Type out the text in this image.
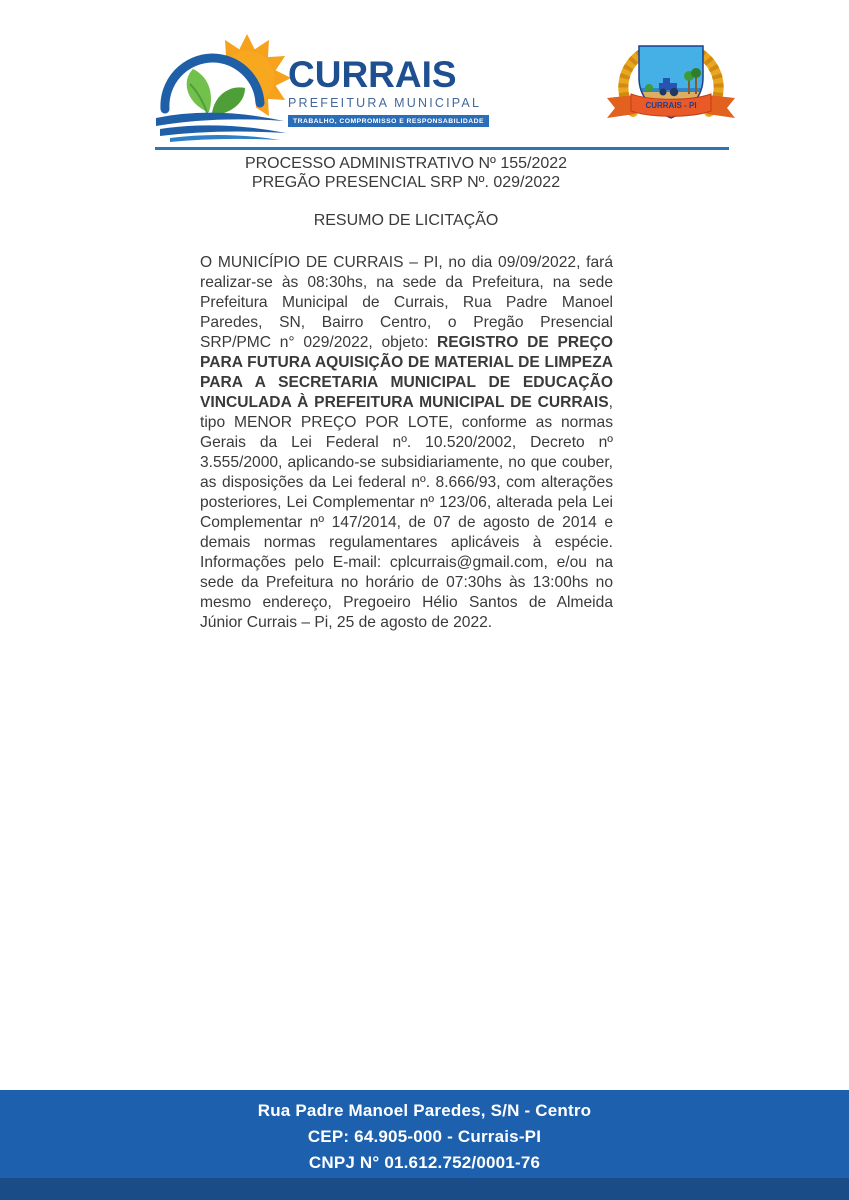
CURRAIS
PREFEITURA MUNICIPAL
TRABALHO, COMPROMISSO E RESPONSABILIDADE
CURRAIS - PI
PROCESSO ADMINISTRATIVO Nº 155/2022
PREGÃO PRESENCIAL SRP Nº. 029/2022
RESUMO DE LICITAÇÃO

O MUNICÍPIO DE CURRAIS – PI, no dia 09/09/2022, fará realizar-se às 08:30hs, na sede da Prefeitura, na sede Prefeitura Municipal de Currais, Rua Padre Manoel Paredes, SN, Bairro Centro, o Pregão Presencial SRP/PMC n° 029/2022, objeto: REGISTRO DE PREÇO PARA FUTURA AQUISIÇÃO DE MATERIAL DE LIMPEZA PARA A SECRETARIA MUNICIPAL DE EDUCAÇÃO VINCULADA À PREFEITURA MUNICIPAL DE CURRAIS, tipo MENOR PREÇO POR LOTE, conforme as normas Gerais da Lei Federal nº. 10.520/2002, Decreto nº 3.555/2000, aplicando-se subsidiariamente, no que couber, as disposições da Lei federal nº. 8.666/93, com alterações posteriores, Lei Complementar nº 123/06, alterada pela Lei Complementar nº 147/2014, de 07 de agosto de 2014 e demais normas regulamentares aplicáveis à espécie. Informações pelo E-mail: cplcurrais@gmail.com, e/ou na sede da Prefeitura no horário de 07:30hs às 13:00hs no mesmo endereço, Pregoeiro Hélio Santos de Almeida Júnior Currais – Pi, 25 de agosto de 2022.

Rua Padre Manoel Paredes, S/N - Centro
CEP: 64.905-000 - Currais-PI
CNPJ N° 01.612.752/0001-76
